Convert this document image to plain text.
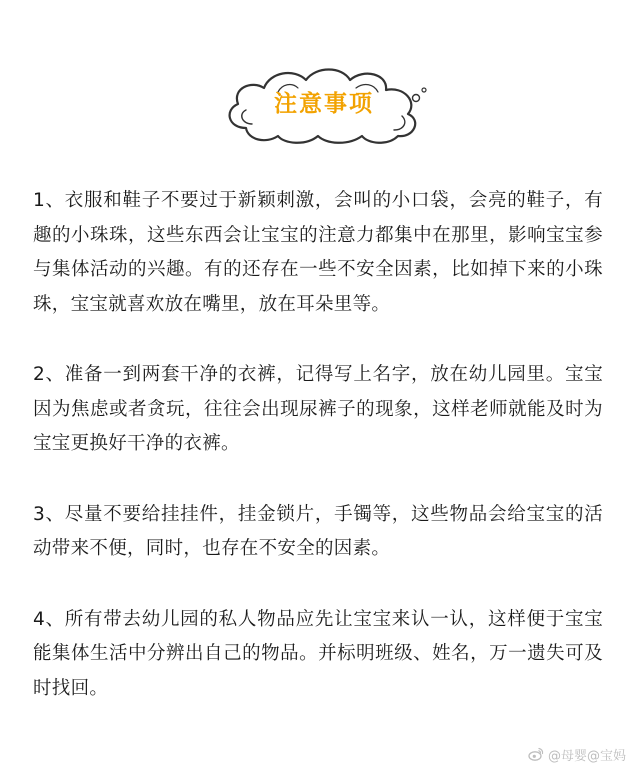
注意事项

1、衣服和鞋子不要过于新颖刺激，会叫的小口袋，会亮的鞋子，有趣的小珠珠，这些东西会让宝宝的注意力都集中在那里，影响宝宝参与集体活动的兴趣。有的还存在一些不安全因素，比如掉下来的小珠珠，宝宝就喜欢放在嘴里，放在耳朵里等。

2、准备一到两套干净的衣裤，记得写上名字，放在幼儿园里。宝宝因为焦虑或者贪玩，往往会出现尿裤子的现象，这样老师就能及时为宝宝更换好干净的衣裤。

3、尽量不要给挂挂件，挂金锁片，手镯等，这些物品会给宝宝的活动带来不便，同时，也存在不安全的因素。

4、所有带去幼儿园的私人物品应先让宝宝来认一认，这样便于宝宝能集体生活中分辨出自己的物品。并标明班级、姓名，万一遗失可及时找回。

@母婴@宝妈
